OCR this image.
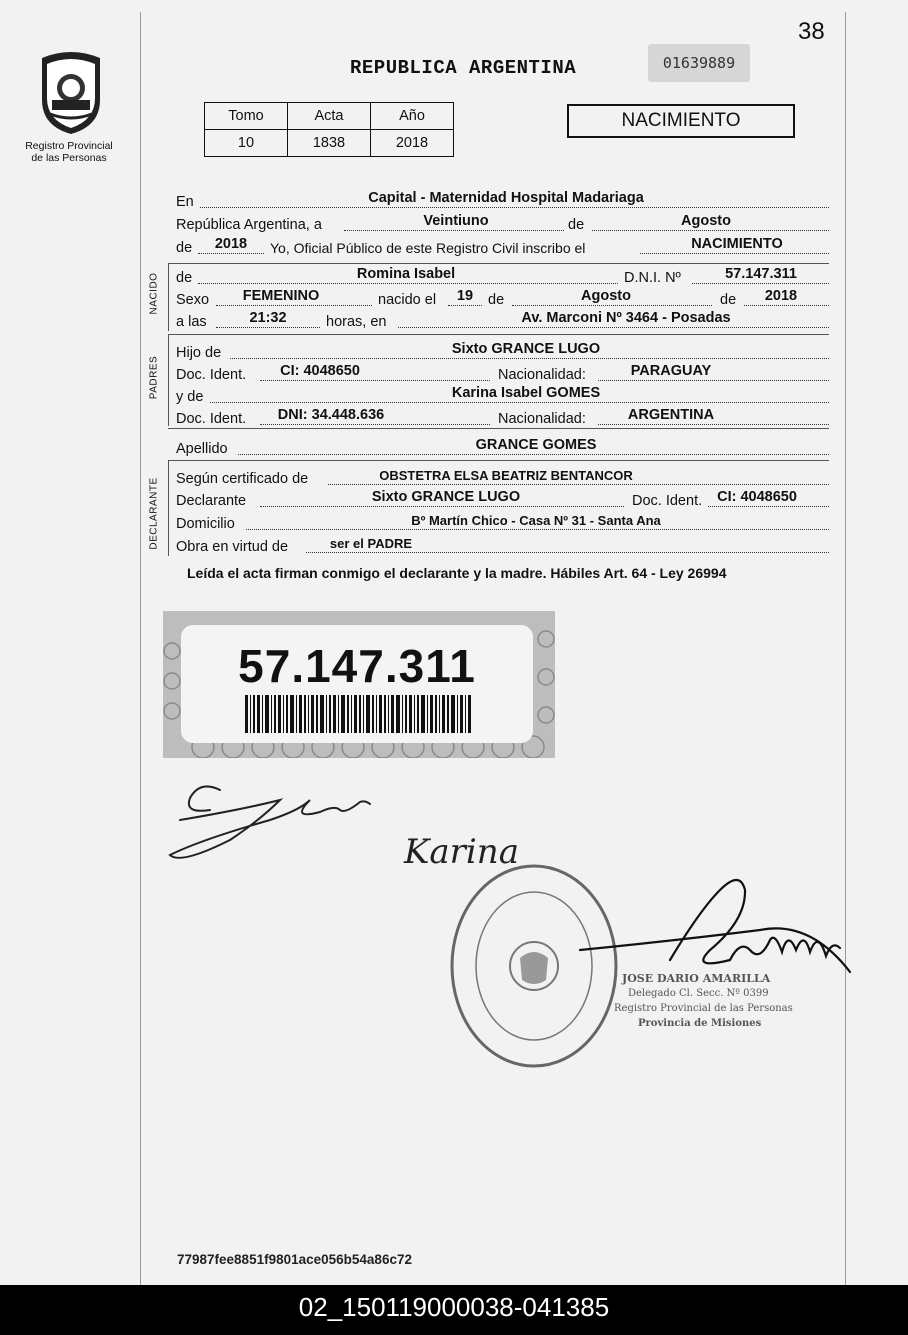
Registro Provincial
de las Personas
38
REPUBLICA ARGENTINA	01639889
Tomo	Acta	Año
10	1838	2018
NACIMIENTO
En	Capital - Maternidad Hospital Madariaga
República Argentina, a	Veintiuno	de	Agosto
de	2018	Yo, Oficial Público de este Registro Civil inscribo el	NACIMIENTO
NACIDO de	Romina Isabel	D.N.I. Nº	57.147.311
Sexo	FEMENINO	nacido el	19	de	Agosto	de	2018
a las	21:32	horas, en	Av. Marconi Nº 3464 - Posadas
PADRES
Hijo de	Sixto GRANCE LUGO
Doc. Ident.	CI: 4048650	Nacionalidad:	PARAGUAY
y de	Karina Isabel GOMES
Doc. Ident.	DNI: 34.448.636	Nacionalidad:	ARGENTINA
Apellido	GRANCE GOMES
DECLARANTE Según certificado de	OBSTETRA ELSA BEATRIZ BENTANCOR
Declarante	Sixto GRANCE LUGO	Doc. Ident.	CI: 4048650
Domicilio	Bº Martín Chico - Casa Nº 31 - Santa Ana
Obra en virtud de	ser el PADRE
Leída el acta firman conmigo el declarante y la madre. Hábiles Art. 64 - Ley 26994
57.147.311
Karina
JOSE DARIO AMARILLA
Delegado Cl. Secc. Nº 0399
Registro Provincial de las Personas
Provincia de Misiones
77987fee8851f9801ace056b54a86c72
02_150119000038-041385
